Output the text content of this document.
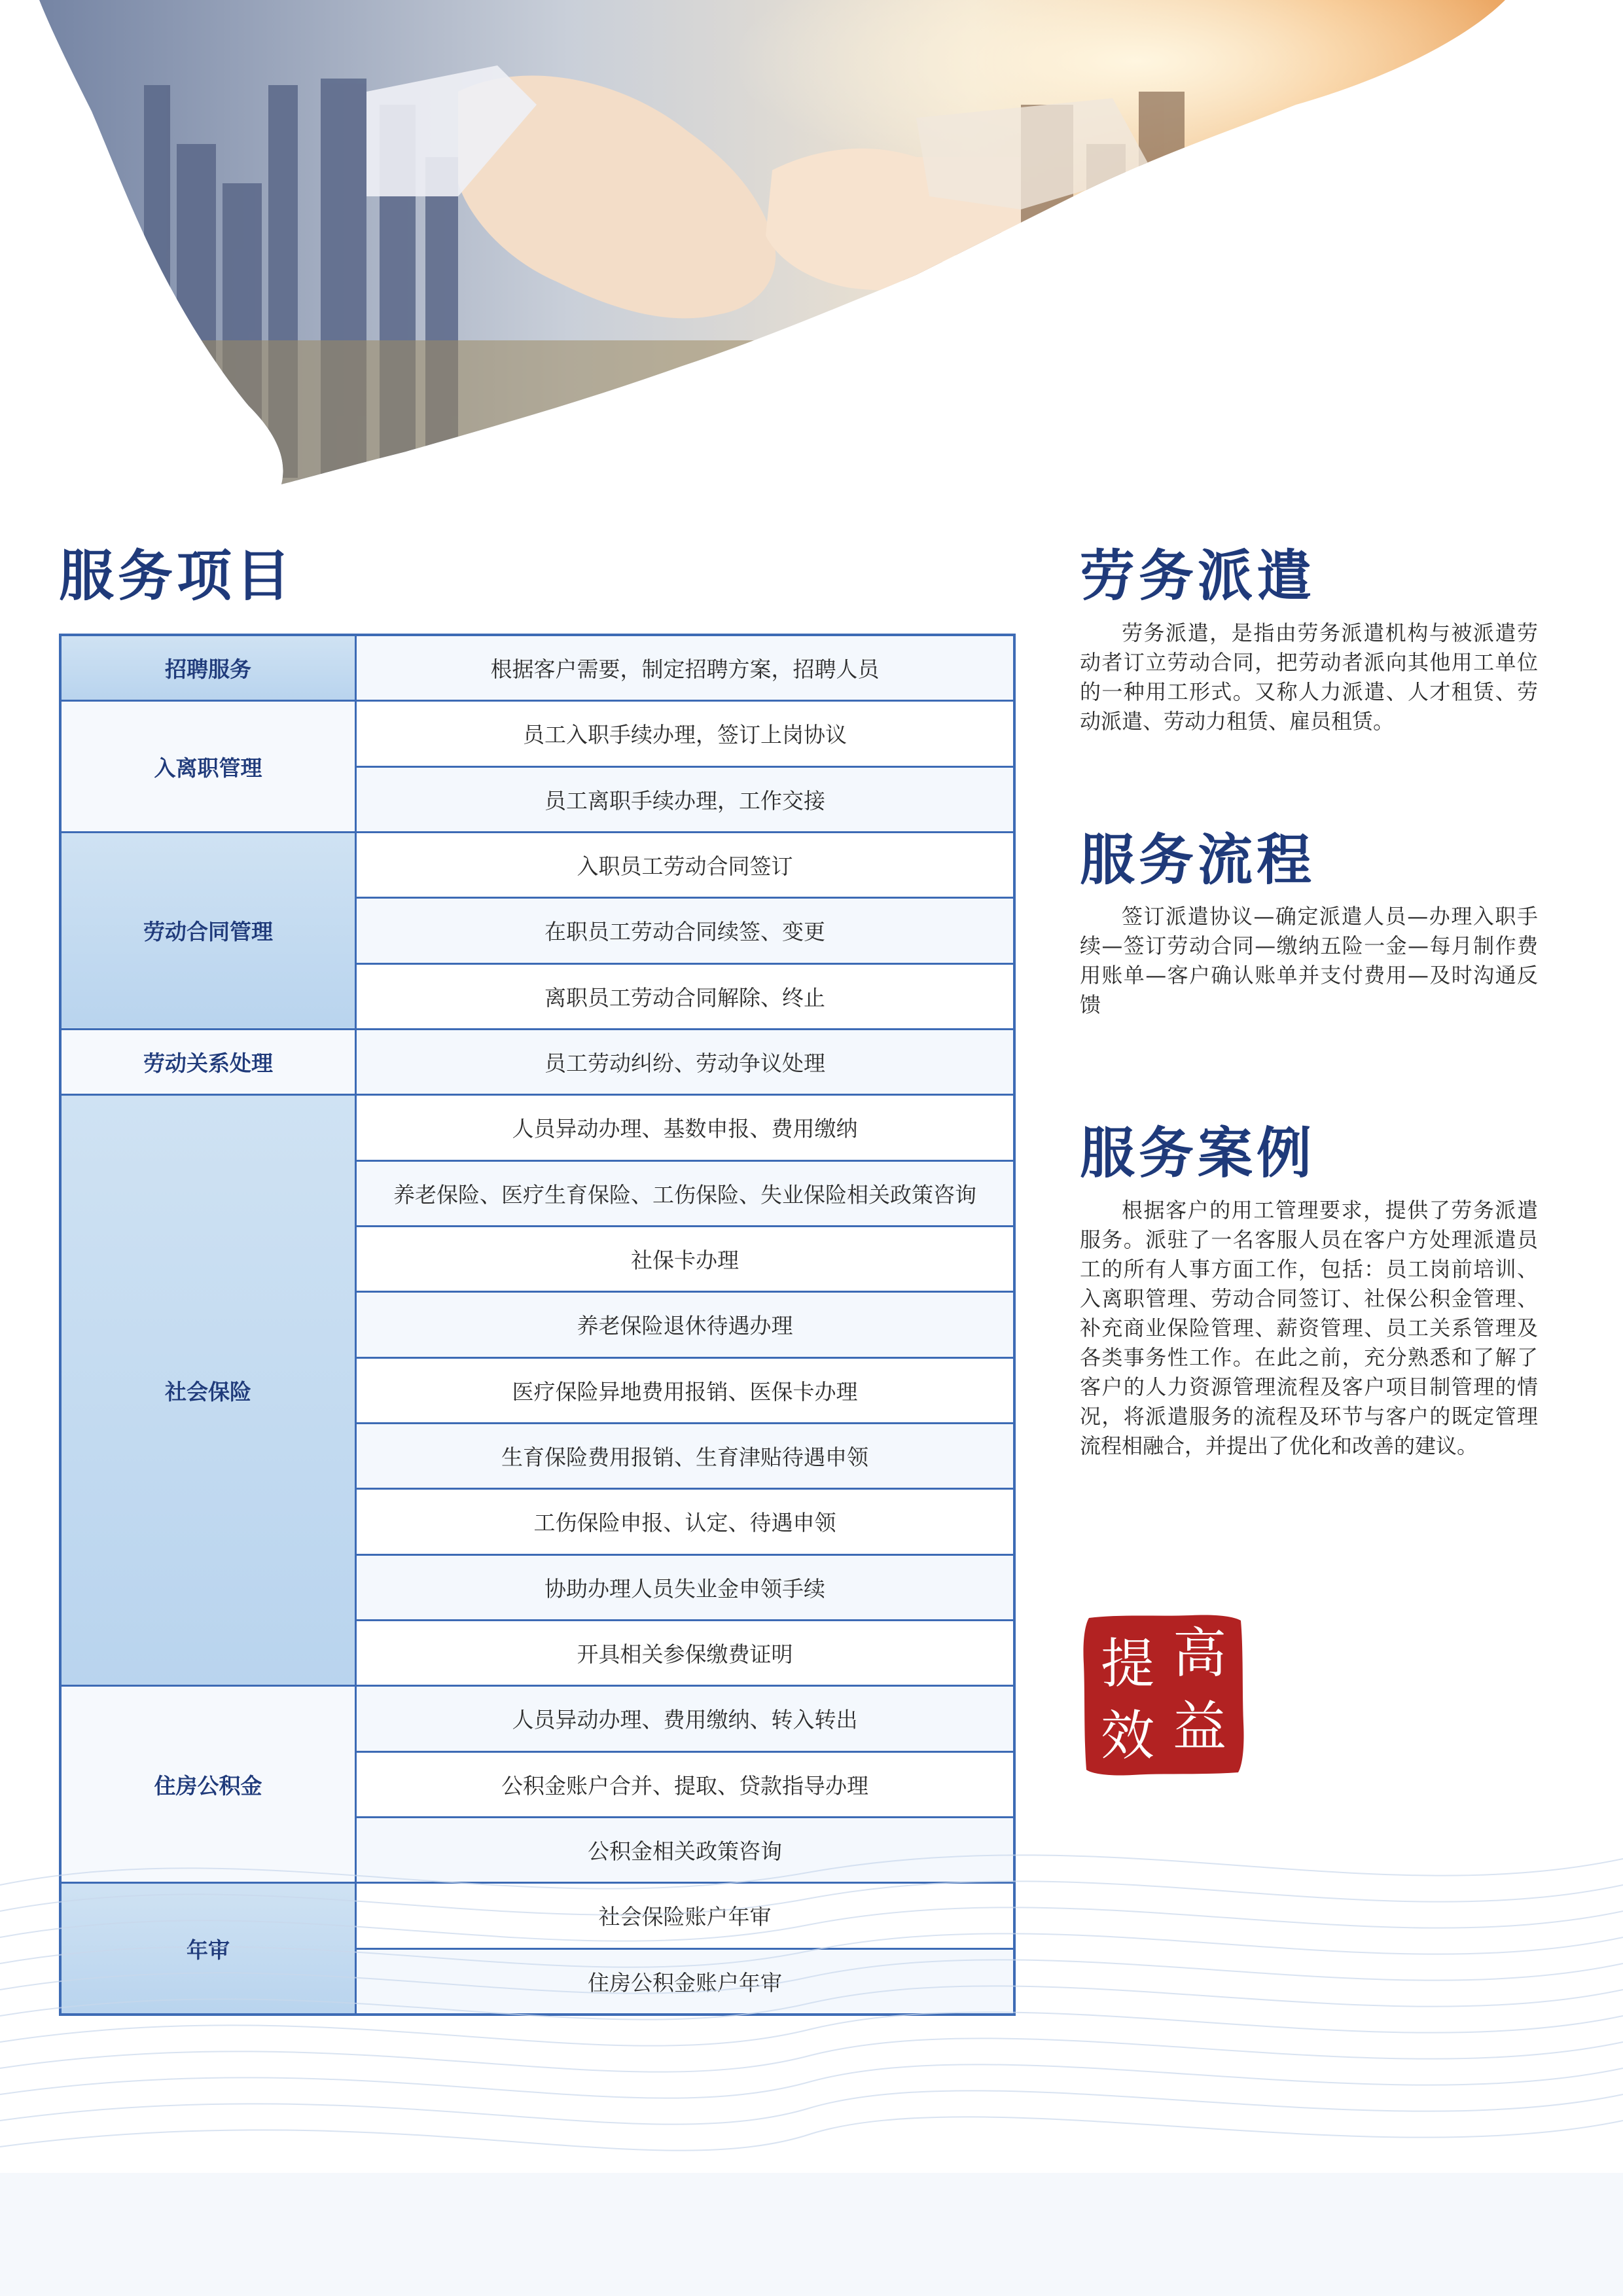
服务项目
招聘服务	根据客户需要，制定招聘方案，招聘人员
入离职管理	员工入职手续办理，签订上岗协议
	员工离职手续办理，工作交接
劳动合同管理	入职员工劳动合同签订
	在职员工劳动合同续签、变更
	离职员工劳动合同解除、终止
劳动关系处理	员工劳动纠纷、劳动争议处理
社会保险	人员异动办理、基数申报、费用缴纳
	养老保险、医疗生育保险、工伤保险、失业保险相关政策咨询
	社保卡办理
	养老保险退休待遇办理
	医疗保险异地费用报销、医保卡办理
	生育保险费用报销、生育津贴待遇申领
	工伤保险申报、认定、待遇申领
	协助办理人员失业金申领手续
	开具相关参保缴费证明
住房公积金	人员异动办理、费用缴纳、转入转出
	公积金账户合并、提取、贷款指导办理
	公积金相关政策咨询
年审	社会保险账户年审
	住房公积金账户年审
劳务派遣

劳务派遣，是指由劳务派遣机构与被派遣劳动者订立劳动合同，把劳动者派向其他用工单位的一种用工形式。又称人力派遣、人才租赁、劳动派遣、劳动力租赁、雇员租赁。

服务流程

签订派遣协议—确定派遣人员—办理入职手续—签订劳动合同—缴纳五险一金—每月制作费用账单—客户确认账单并支付费用—及时沟通反馈

服务案例

根据客户的用工管理要求，提供了劳务派遣服务。派驻了一名客服人员在客户方处理派遣员工的所有人事方面工作，包括：员工岗前培训、入离职管理、劳动合同签订、社保公积金管理、补充商业保险管理、薪资管理、员工关系管理及各类事务性工作。在此之前，充分熟悉和了解了客户的人力资源管理流程及客户项目制管理的情况，将派遣服务的流程及环节与客户的既定管理流程相融合，并提出了优化和改善的建议。

高
益
提
效
